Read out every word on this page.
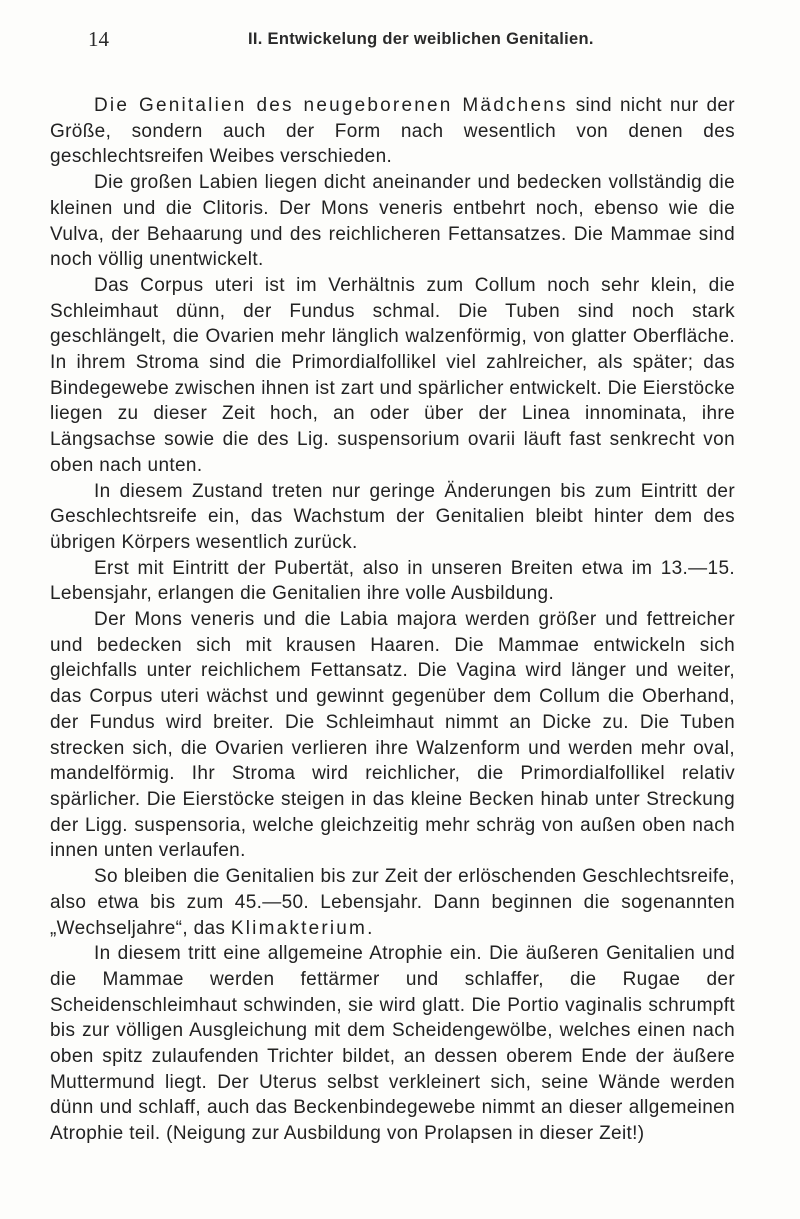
14	II. Entwickelung der weiblichen Genitalien.

Die Genitalien des neugeborenen Mädchens sind nicht nur der Größe, sondern auch der Form nach wesentlich von denen des geschlechtsreifen Weibes verschieden.

Die großen Labien liegen dicht aneinander und bedecken vollständig die kleinen und die Clitoris. Der Mons veneris entbehrt noch, ebenso wie die Vulva, der Behaarung und des reichlicheren Fettansatzes. Die Mammae sind noch völlig unentwickelt.

Das Corpus uteri ist im Verhältnis zum Collum noch sehr klein, die Schleimhaut dünn, der Fundus schmal. Die Tuben sind noch stark geschlängelt, die Ovarien mehr länglich walzenförmig, von glatter Oberfläche. In ihrem Stroma sind die Primordialfollikel viel zahlreicher, als später; das Bindegewebe zwischen ihnen ist zart und spärlicher entwickelt. Die Eierstöcke liegen zu dieser Zeit hoch, an oder über der Linea innominata, ihre Längsachse sowie die des Lig. suspensorium ovarii läuft fast senkrecht von oben nach unten.

In diesem Zustand treten nur geringe Änderungen bis zum Eintritt der Geschlechtsreife ein, das Wachstum der Genitalien bleibt hinter dem des übrigen Körpers wesentlich zurück.

Erst mit Eintritt der Pubertät, also in unseren Breiten etwa im 13.—15. Lebensjahr, erlangen die Genitalien ihre volle Ausbildung.

Der Mons veneris und die Labia majora werden größer und fettreicher und bedecken sich mit krausen Haaren. Die Mammae entwickeln sich gleichfalls unter reichlichem Fettansatz. Die Vagina wird länger und weiter, das Corpus uteri wächst und gewinnt gegenüber dem Collum die Oberhand, der Fundus wird breiter. Die Schleimhaut nimmt an Dicke zu. Die Tuben strecken sich, die Ovarien verlieren ihre Walzenform und werden mehr oval, mandelförmig. Ihr Stroma wird reichlicher, die Primordialfollikel relativ spärlicher. Die Eierstöcke steigen in das kleine Becken hinab unter Streckung der Ligg. suspensoria, welche gleichzeitig mehr schräg von außen oben nach innen unten verlaufen.

So bleiben die Genitalien bis zur Zeit der erlöschenden Geschlechtsreife, also etwa bis zum 45.—50. Lebensjahr. Dann beginnen die sogenannten „Wechseljahre“, das Klimakterium.

In diesem tritt eine allgemeine Atrophie ein. Die äußeren Genitalien und die Mammae werden fettärmer und schlaffer, die Rugae der Scheidenschleimhaut schwinden, sie wird glatt. Die Portio vaginalis schrumpft bis zur völligen Ausgleichung mit dem Scheidengewölbe, welches einen nach oben spitz zulaufenden Trichter bildet, an dessen oberem Ende der äußere Muttermund liegt. Der Uterus selbst verkleinert sich, seine Wände werden dünn und schlaff, auch das Beckenbindegewebe nimmt an dieser allgemeinen Atrophie teil. (Neigung zur Ausbildung von Prolapsen in dieser Zeit!)
